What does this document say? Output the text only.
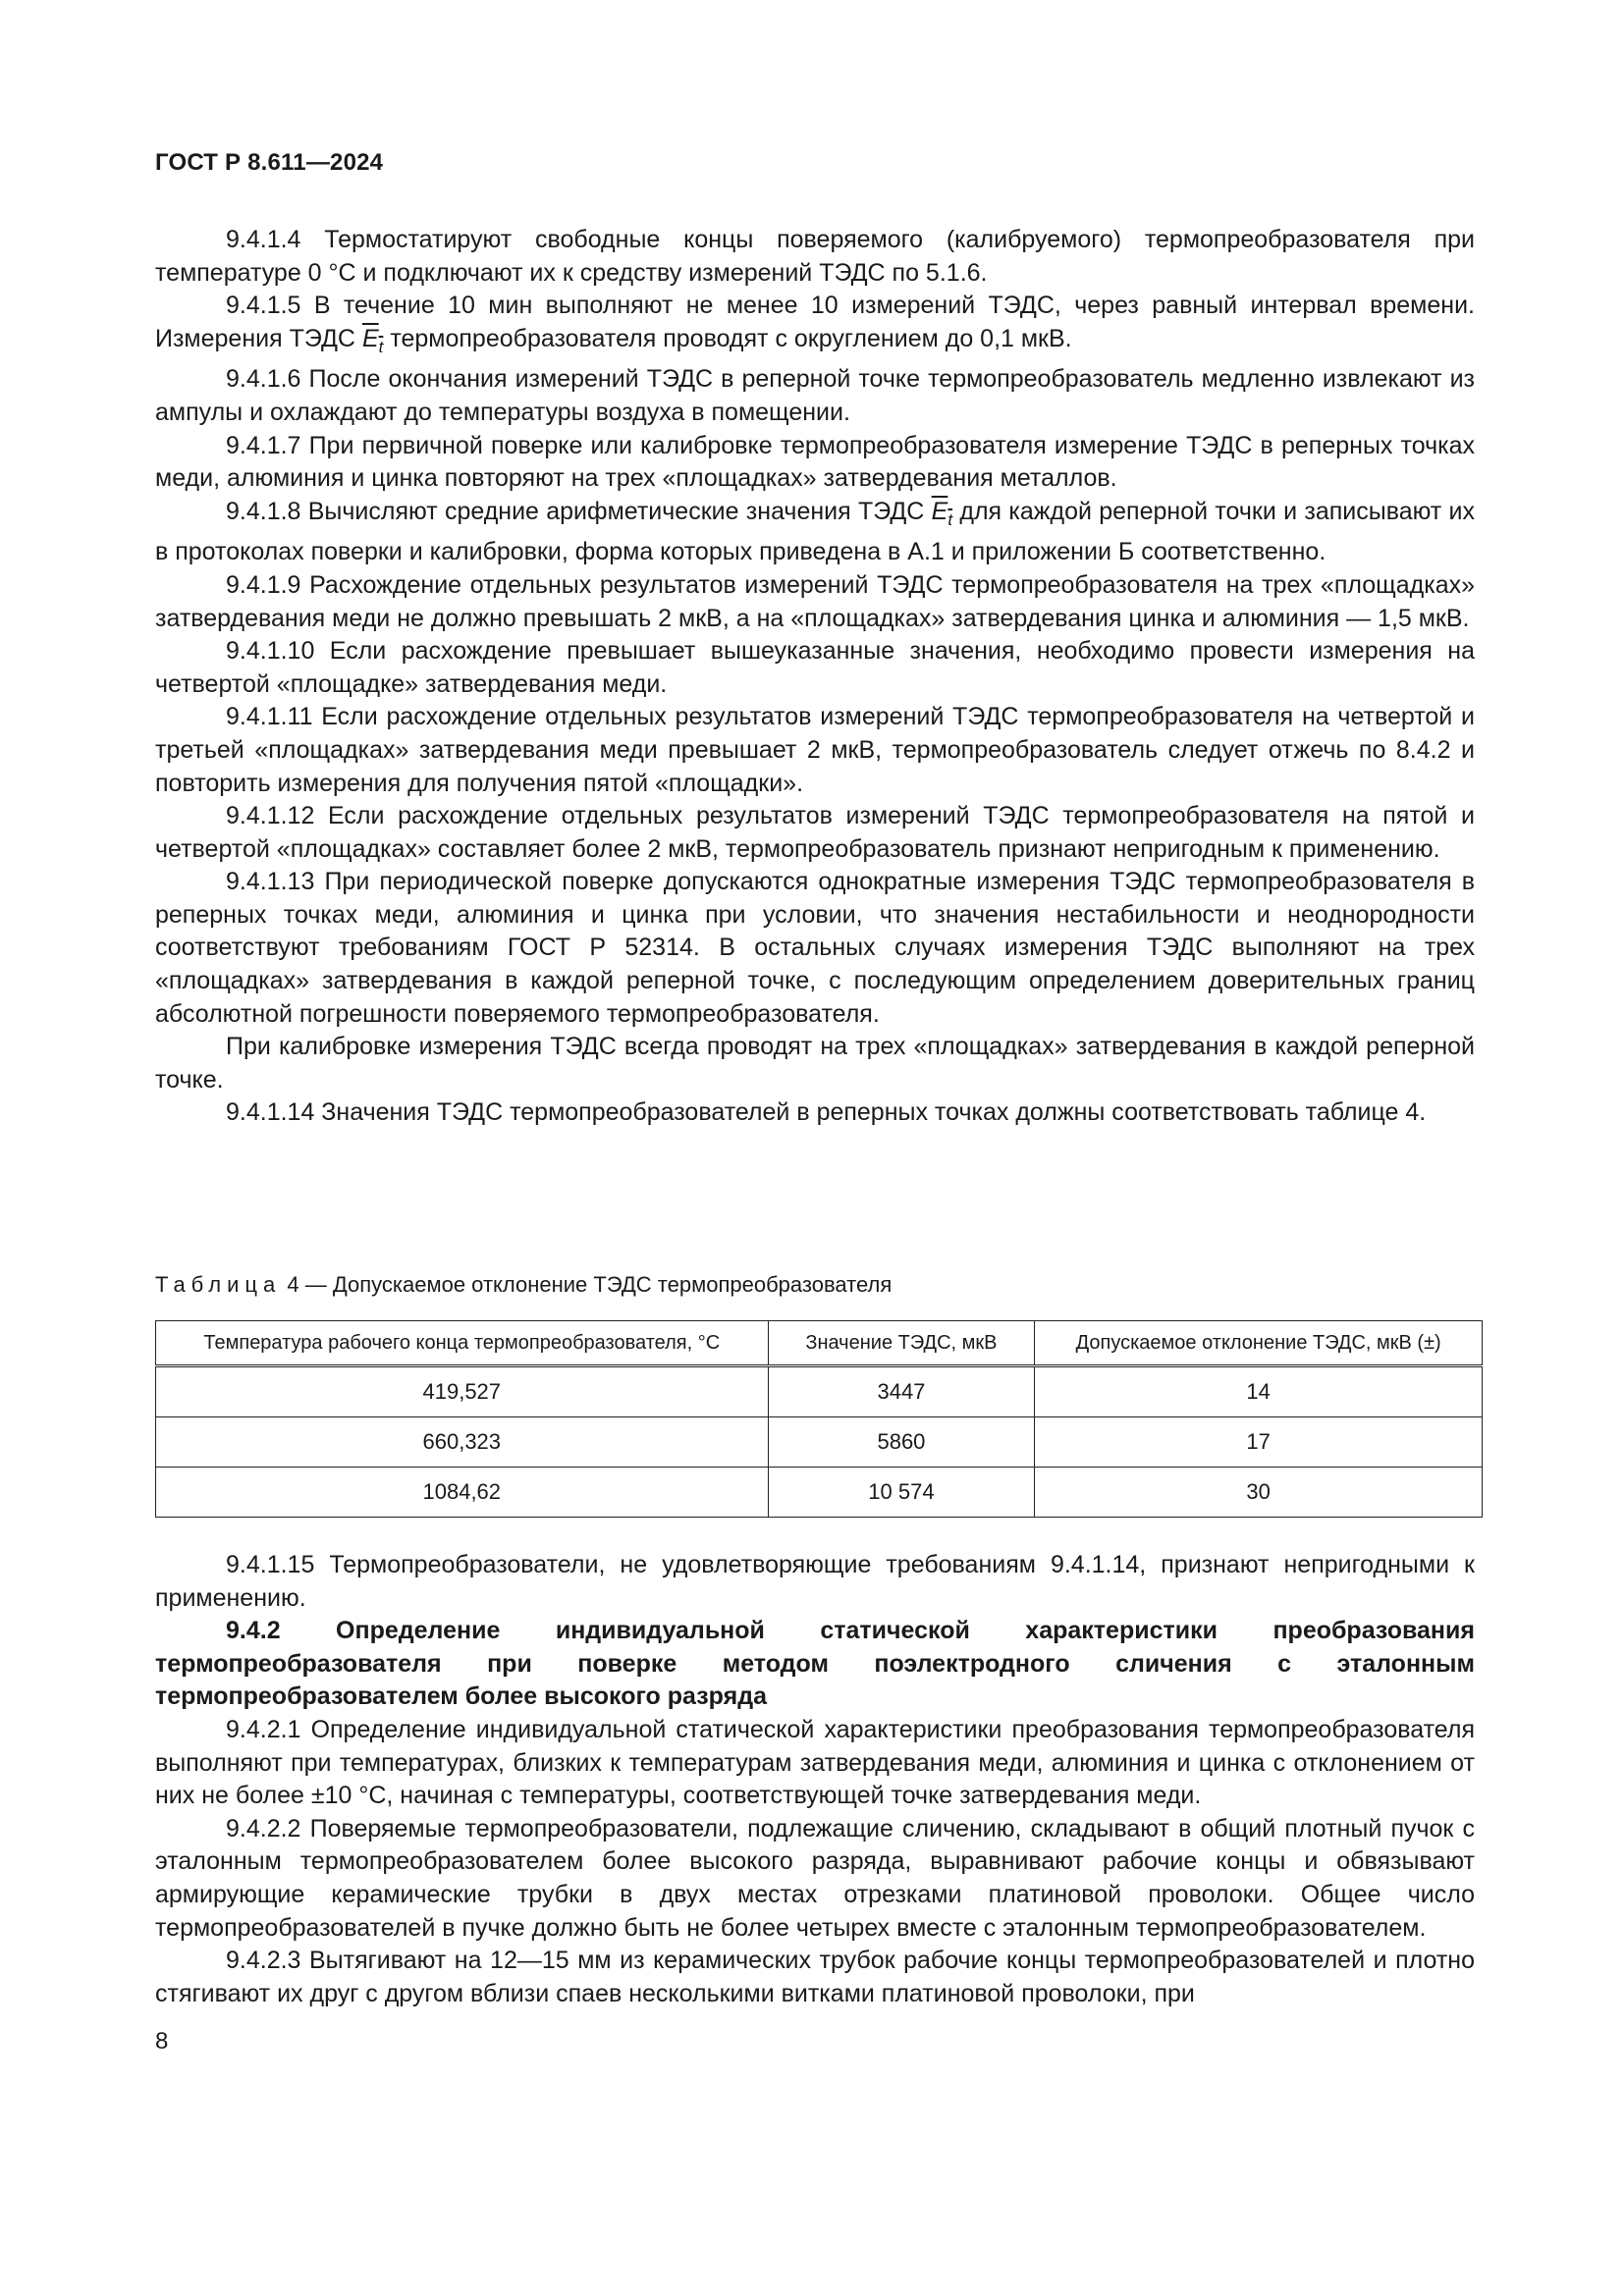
ГОСТ Р 8.611—2024

9.4.1.4 Термостатируют свободные концы поверяемого (калибруемого) термопреобразователя при температуре 0 °С и подключают их к средству измерений ТЭДС по 5.1.6.

9.4.1.5 В течение 10 мин выполняют не менее 10 измерений ТЭДС, через равный интервал времени. Измерения ТЭДС $E_t$ термопреобразователя проводят с округлением до 0,1 мкВ.

9.4.1.6 После окончания измерений ТЭДС в реперной точке термопреобразователь медленно извлекают из ампулы и охлаждают до температуры воздуха в помещении.

9.4.1.7 При первичной поверке или калибровке термопреобразователя измерение ТЭДС в реперных точках меди, алюминия и цинка повторяют на трех «площадках» затвердевания металлов.

9.4.1.8 Вычисляют средние арифметические значения ТЭДС $E_t$ для каждой реперной точки и записывают их в протоколах поверки и калибровки, форма которых приведена в А.1 и приложении Б соответственно.

9.4.1.9 Расхождение отдельных результатов измерений ТЭДС термопреобразователя на трех «площадках» затвердевания меди не должно превышать 2 мкВ, а на «площадках» затвердевания цинка и алюминия — 1,5 мкВ.

9.4.1.10 Если расхождение превышает вышеуказанные значения, необходимо провести измерения на четвертой «площадке» затвердевания меди.

9.4.1.11 Если расхождение отдельных результатов измерений ТЭДС термопреобразователя на четвертой и третьей «площадках» затвердевания меди превышает 2 мкВ, термопреобразователь следует отжечь по 8.4.2 и повторить измерения для получения пятой «площадки».

9.4.1.12 Если расхождение отдельных результатов измерений ТЭДС термопреобразователя на пятой и четвертой «площадках» составляет более 2 мкВ, термопреобразователь признают непригодным к применению.

9.4.1.13 При периодической поверке допускаются однократные измерения ТЭДС термопреобразователя в реперных точках меди, алюминия и цинка при условии, что значения нестабильности и неоднородности соответствуют требованиям ГОСТ Р 52314. В остальных случаях измерения ТЭДС выполняют на трех «площадках» затвердевания в каждой реперной точке, с последующим определением доверительных границ абсолютной погрешности поверяемого термопреобразователя.

При калибровке измерения ТЭДС всегда проводят на трех «площадках» затвердевания в каждой реперной точке.

9.4.1.14 Значения ТЭДС термопреобразователей в реперных точках должны соответствовать таблице 4.

Таблица 4 — Допускаемое отклонение ТЭДС термопреобразователя
Температура рабочего конца термопреобразователя, °С	Значение ТЭДС, мкВ	Допускаемое отклонение ТЭДС, мкВ (±)
419,527	3447	14
660,323	5860	17
1084,62	10 574	30

9.4.1.15 Термопреобразователи, не удовлетворяющие требованиям 9.4.1.14, признают непригодными к применению.

9.4.2 Определение индивидуальной статической характеристики преобразования термопреобразователя при поверке методом поэлектродного сличения с эталонным термопреобразователем более высокого разряда

9.4.2.1 Определение индивидуальной статической характеристики преобразования термопреобразователя выполняют при температурах, близких к температурам затвердевания меди, алюминия и цинка с отклонением от них не более ±10 °С, начиная с температуры, соответствующей точке затвердевания меди.

9.4.2.2 Поверяемые термопреобразователи, подлежащие сличению, складывают в общий плотный пучок с эталонным термопреобразователем более высокого разряда, выравнивают рабочие концы и обвязывают армирующие керамические трубки в двух местах отрезками платиновой проволоки. Общее число термопреобразователей в пучке должно быть не более четырех вместе с эталонным термопреобразователем.

9.4.2.3 Вытягивают на 12—15 мм из керамических трубок рабочие концы термопреобразователей и плотно стягивают их друг с другом вблизи спаев несколькими витками платиновой проволоки, при

8
